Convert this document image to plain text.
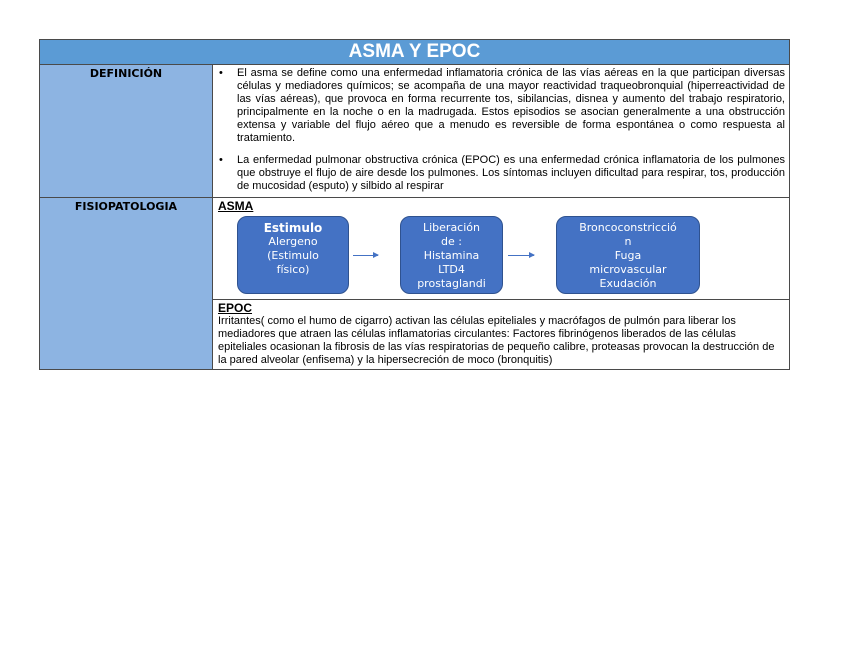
ASMA Y EPOC
DEFINICIÓN	•	El asma se define como una enfermedad inflamatoria crónica de las vías aéreas en la que participan diversas células y mediadores químicos; se acompaña de una mayor reactividad traqueobronquial (hiperreactividad de las vías aéreas), que provoca en forma recurrente tos, sibilancias, disnea y aumento del trabajo respiratorio, principalmente en la noche o en la madrugada. Estos episodios se asocian generalmente a una obstrucción extensa y variable del flujo aéreo que a menudo es reversible de forma espontánea o como respuesta al tratamiento.
•	La enfermedad pulmonar obstructiva crónica (EPOC) es una enfermedad crónica inflamatoria de los pulmones que obstruye el flujo de aire desde los pulmones. Los síntomas incluyen dificultad para respirar, tos, producción de mucosidad (esputo) y silbido al respirar
FISIOPATOLOGIA	ASMA
Estimulo
Alergeno
(Estimulo
físico)
Liberación
de :
Histamina
LTD4
prostaglandi
Broncoconstricció
n
Fuga
microvascular
Exudación
EPOC
Irritantes( como el humo de cigarro) activan las células epiteliales y macrófagos de pulmón para liberar los mediadores que atraen las células inflamatorias circulantes: Factores fibrinógenos liberados de las células epiteliales ocasionan la fibrosis de las vías respiratorias de pequeño calibre, proteasas provocan la destrucción de la pared alveolar (enfisema) y la hipersecreción de moco (bronquitis)
